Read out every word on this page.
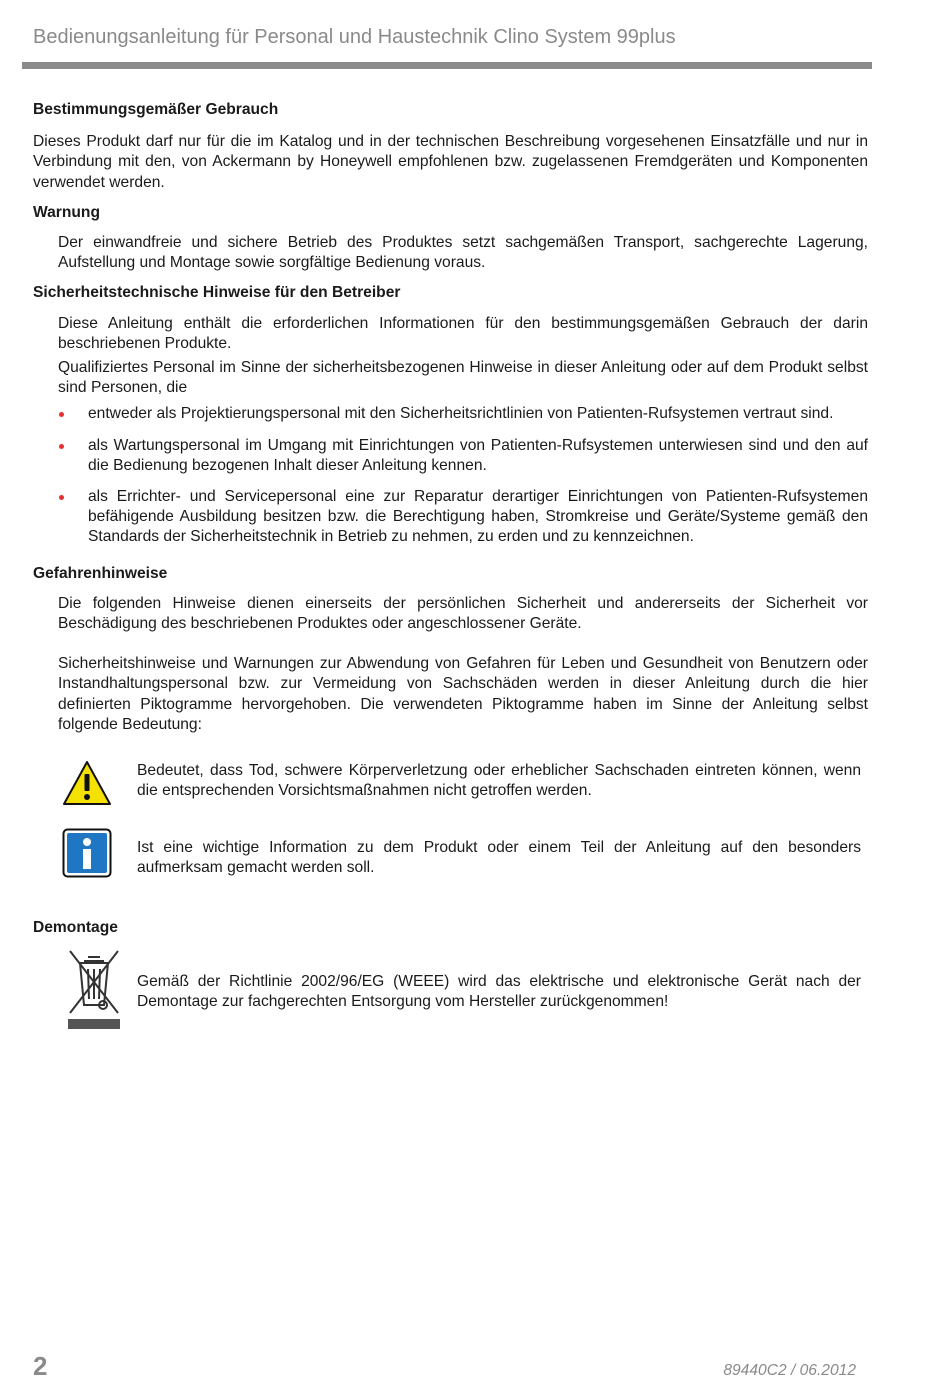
Bedienungsanleitung für Personal und Haustechnik Clino System 99plus

Bestimmungsgemäßer Gebrauch

Dieses Produkt darf nur für die im Katalog und in der technischen Beschreibung vorgesehenen Einsatzfälle und nur in Verbindung mit den, von Ackermann by Honeywell empfohlenen bzw. zugelassenen Fremdgeräten und Komponenten verwendet werden.

Warnung

Der einwandfreie und sichere Betrieb des Produktes setzt sachgemäßen Transport, sachgerechte Lagerung, Aufstellung und Montage sowie sorgfältige Bedienung voraus.

Sicherheitstechnische Hinweise für den Betreiber

Diese Anleitung enthält die erforderlichen Informationen für den bestimmungsgemäßen Gebrauch der darin beschriebenen Produkte.

Qualifiziertes Personal im Sinne der sicherheitsbezogenen Hinweise in dieser Anleitung oder auf dem Produkt selbst sind Personen, die

entweder als Projektierungspersonal mit den Sicherheitsrichtlinien von Patienten-Rufsystemen vertraut sind.
als Wartungspersonal im Umgang mit Einrichtungen von Patienten-Rufsystemen unterwiesen sind und den auf die Bedienung bezogenen Inhalt dieser Anleitung kennen.
als Errichter- und Servicepersonal eine zur Reparatur derartiger Einrichtungen von Patienten-Rufsystemen befähigende Ausbildung besitzen bzw. die Berechtigung haben, Stromkreise und Geräte/Systeme gemäß den Standards der Sicherheitstechnik in Betrieb zu nehmen, zu erden und zu kennzeichnen.

Gefahrenhinweise

Die folgenden Hinweise dienen einerseits der persönlichen Sicherheit und andererseits der Sicherheit vor Beschädigung des beschriebenen Produktes oder angeschlossener Geräte.

Sicherheitshinweise und Warnungen zur Abwendung von Gefahren für Leben und Gesundheit von Benutzern oder Instandhaltungspersonal bzw. zur Vermeidung von Sachschäden werden in dieser Anleitung durch die hier definierten Piktogramme hervorgehoben. Die verwendeten Piktogramme haben im Sinne der Anleitung selbst folgende Bedeutung:

Bedeutet, dass Tod, schwere Körperverletzung oder erheblicher Sachschaden eintreten können, wenn die entsprechenden Vorsichtsmaßnahmen nicht getroffen werden.

Ist eine wichtige Information zu dem Produkt oder einem Teil der Anleitung auf den besonders aufmerksam gemacht werden soll.

Demontage

Gemäß der Richtlinie 2002/96/EG (WEEE) wird das elektrische und elektronische Gerät nach der Demontage zur fachgerechten Entsorgung vom Hersteller zurückgenommen!

2	89440C2 / 06.2012
